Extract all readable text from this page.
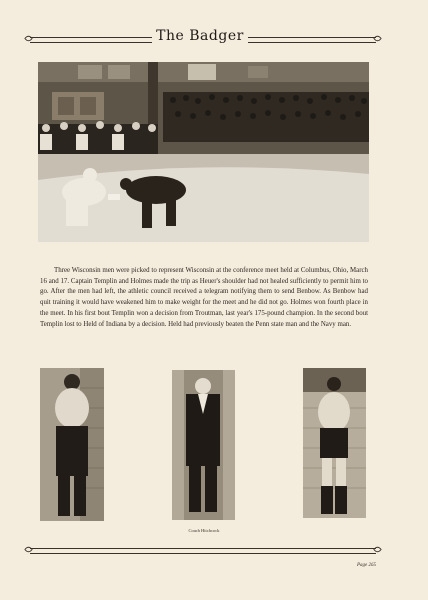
The Badger
Three Wisconsin men were picked to represent Wisconsin at the conference meet held at Columbus, Ohio, March 16 and 17. Captain Templin and Holmes made the trip as Heuer's shoulder had not healed sufficiently to permit him to go. After the men had left, the athletic council received a telegram notifying them to send Benbow. As Benbow had quit training it would have weakened him to make weight for the meet and he did not go. Holmes won fourth place in the meet. In his first bout Templin won a decision from Troutman, last year's 175-pound champion. In the second bout Templin lost to Held of Indiana by a decision. Held had previously beaten the Penn state man and the Navy man.
Coach Hitchcock
Page 265
